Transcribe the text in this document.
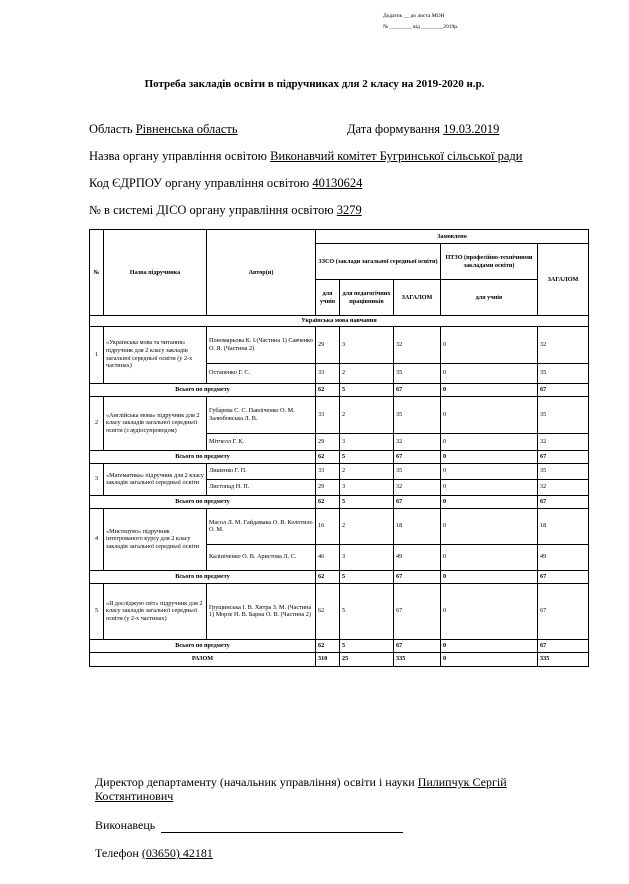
Додаток __ до листа МОН
№ ________ від ________2019р.
Потреба закладів освіти в підручниках для 2 класу на 2019-2020 н.р.
Область Рівненська область	Дата формування 19.03.2019
Назва органу управління освітою Виконавчий комітет Бугринської сільської ради
Код ЄДРПОУ органу управління освітою 40130624
№ в системі ДІСО органу управління освітою 3279
№	Назва підручника	Автор(и)	Замовлено				
			ЗЗСО (заклади загальної середньої освіти)			ПТЗО (професійно-технічними закладами освіти)	ЗАГАЛОМ
			для учнів	для педагогічних працівників	ЗАГАЛОМ	для учнів	
Українська мова навчання							
1	«Українська мова та читання» підручник для 2 класу закладів загальної середньої освіти (у 2-х частинах)	Пономарьова К. І.(Частина 1) Савченко О. Я. (Частина 2)	29	3	32	0	32
		Остапенко Г. С.	33	2	35	0	35
Всього по предмету			62	5	67	0	67
2	«Англійська мова» підручник для 2 класу закладів загальної середньої освіти (з аудіосупроводом)	Губарева С. С. Павліченко О. М. Залюбовська Л. В.	33	2	35	0	35
		Мітчелл Г. К.	29	3	32	0	32
Всього по предмету			62	5	67	0	67
3	«Математика» підручник для 2 класу закладів загальної середньої освіти	Лишенко Г. П.	33	2	35	0	35
		Листопад Н. П.	29	3	32	0	32
Всього по предмету			62	5	67	0	67
4	«Мистецтво» підручник інтегрованого курсу для 2 класу закладів загальної середньої освіти	Масол Л. М. Гайдамака О. В. Колотило О. М.	16	2	18	0	18
		Калініченко О. В. Аристова Л. С.	46	3	49	0	49
Всього по предмету			62	5	67	0	67
5	«Я досліджую світ» підручник для 2 класу закладів загальної середньої освіти (у 2-х частинах)	Грущинська І. В. Хитра З. М. (Частина 1) Морзе Н. В. Барна О. В. (Частина 2)	62	5	67	0	67
Всього по предмету			62	5	67	0	67
РАЗОМ			310	25	335	0	335
Директор департаменту (начальник управління) освіти і науки Пилипчук Сергій Костянтинович
Виконавець
Телефон (03650) 42181
